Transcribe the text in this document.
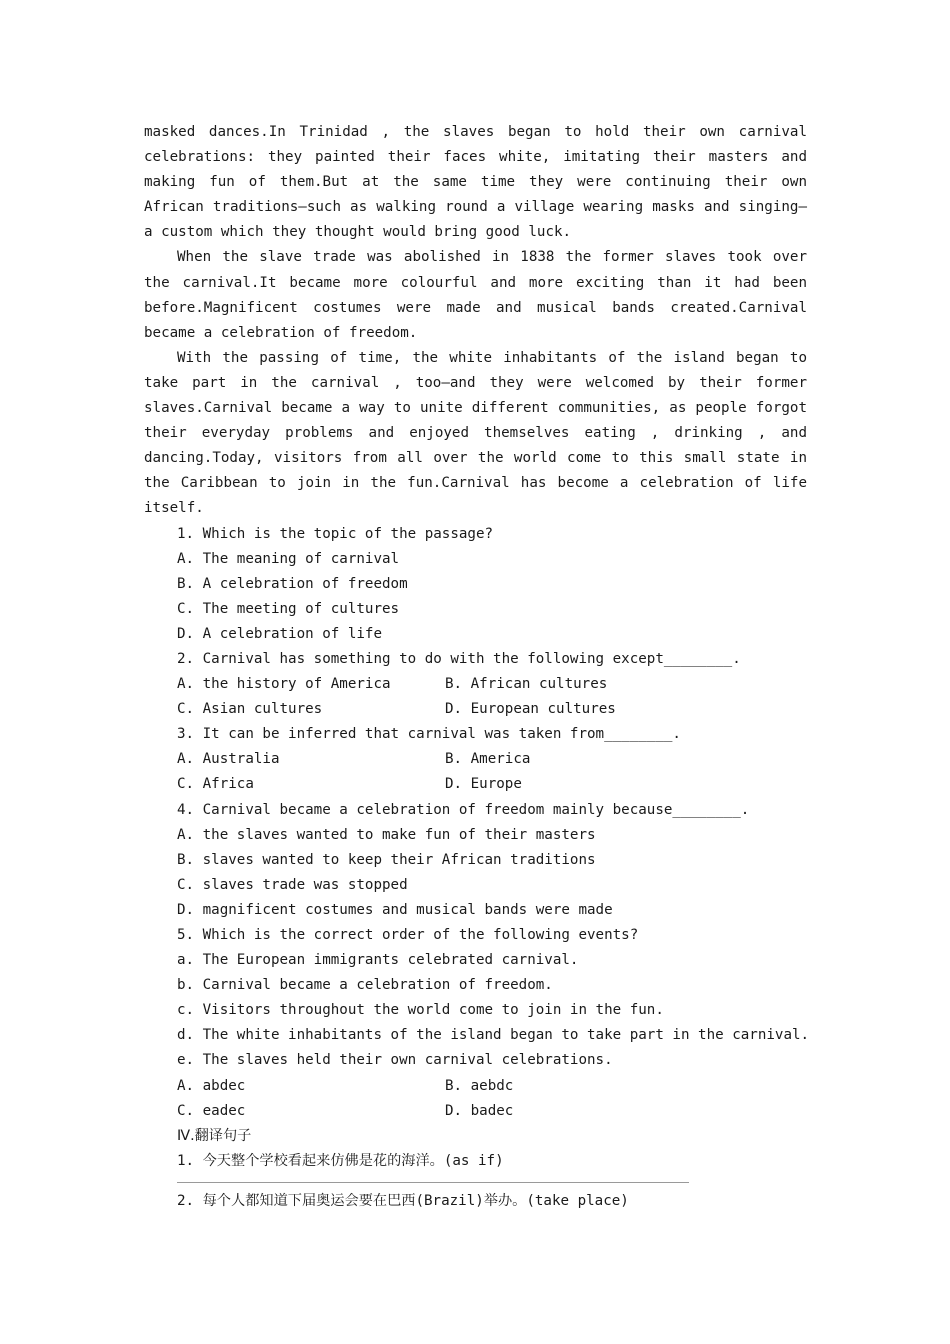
masked dances.In Trinidad , the slaves began to hold their own carnival celebrations: they painted their faces white, imitating their masters and making fun of them.But at the same time they were continuing their own African traditions—such as walking round a village wearing masks and singing—a custom which they thought would bring good luck.

When the slave trade was abolished in 1838 the former slaves took over the carnival.It became more colourful and more exciting than it had been before.Magnificent costumes were made and musical bands created.Carnival became a celebration of freedom.

With the passing of time, the white inhabitants of the island began to take part in the carnival , too—and they were welcomed by their former slaves.Carnival became a way to unite different communities, as people forgot their everyday problems and enjoyed themselves eating , drinking , and dancing.Today, visitors from all over the world come to this small state in the Caribbean to join in the fun.Carnival has become a celebration of life itself.

1. Which is the topic of the passage?
A. The meaning of carnival
B. A celebration of freedom
C. The meeting of cultures
D. A celebration of life
2. Carnival has something to do with the following except________.
A. the history of America	B. African cultures
C. Asian cultures	D. European cultures
3. It can be inferred that carnival was taken from________.
A. Australia	B. America
C. Africa	D. Europe
4. Carnival became a celebration of freedom mainly because________.
A. the slaves wanted to make fun of their masters
B. slaves wanted to keep their African traditions
C. slaves trade was stopped
D. magnificent costumes and musical bands were made
5. Which is the correct order of the following events?
a. The European immigrants celebrated carnival.
b. Carnival became a celebration of freedom.
c. Visitors throughout the world come to join in the fun.
d. The white inhabitants of the island began to take part in the carnival.
e. The slaves held their own carnival celebrations.
A. abdec	B. aebdc
C. eadec	D. badec
Ⅳ.翻译句子
1. 今天整个学校看起来仿佛是花的海洋。(as if)
2. 每个人都知道下届奥运会要在巴西(Brazil)举办。(take place)
